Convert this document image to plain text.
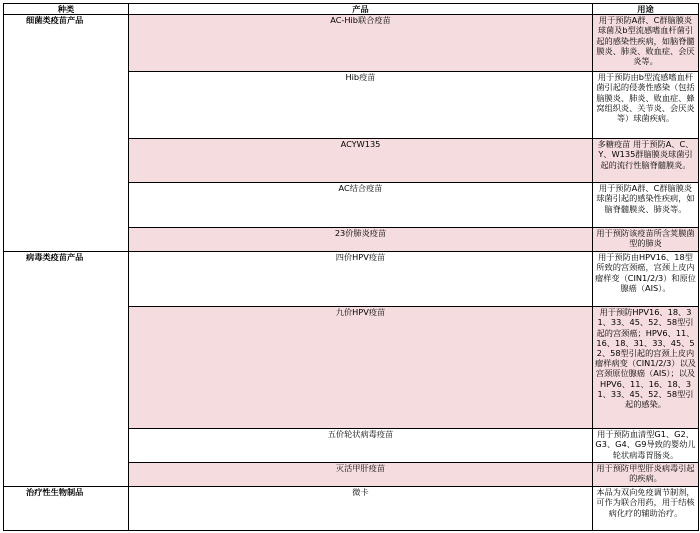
种类	产品	用途
细菌类疫苗产品	AC-Hib联合疫苗	用于预防A群、C群脑膜炎球菌及b型流感嗜血杆菌引起的感染性疾病，如脑脊髓膜炎、肺炎、败血症、会厌炎等。
	Hib疫苗	用于预防由b型流感嗜血杆菌引起的侵袭性感染（包括脑膜炎、肺炎、败血症、蜂窝组织炎、关节炎、会厌炎等）球菌疾病。
	ACYW135	多糖疫苗 用于预防A、C、Y、W135群脑膜炎球菌引起的流行性脑脊髓膜炎。
	AC结合疫苗	用于预防A群、C群脑膜炎球菌引起的感染性疾病，如脑脊髓膜炎、肺炎等。
	23价肺炎疫苗	用于预防该疫苗所含荚膜菌型的肺炎
病毒类疫苗产品	四价HPV疫苗	用于预防由HPV16、18型所致的宫颈癌，宫颈上皮内瘤样变（CIN1/2/3）和原位腺癌（AIS）。
	九价HPV疫苗	用于预防HPV16、18、31、33、45、52、58型引起的宫颈癌；HPV6、11、16、18、31、33、45、52、58型引起的宫颈上皮内瘤样病变（CIN1/2/3）以及宫颈原位腺癌（AIS）；以及HPV6、11、16、18、31、33、45、52、58型引起的感染。
	五价轮状病毒疫苗	用于预防血清型G1、G2、G3、G4、G9导致的婴幼儿轮状病毒胃肠炎。
	灭活甲肝疫苗	用于预防甲型肝炎病毒引起的疾病。
治疗性生物制品	微卡	本品为双向免疫调节制剂，可作为联合用药，用于结核病化疗的辅助治疗。
